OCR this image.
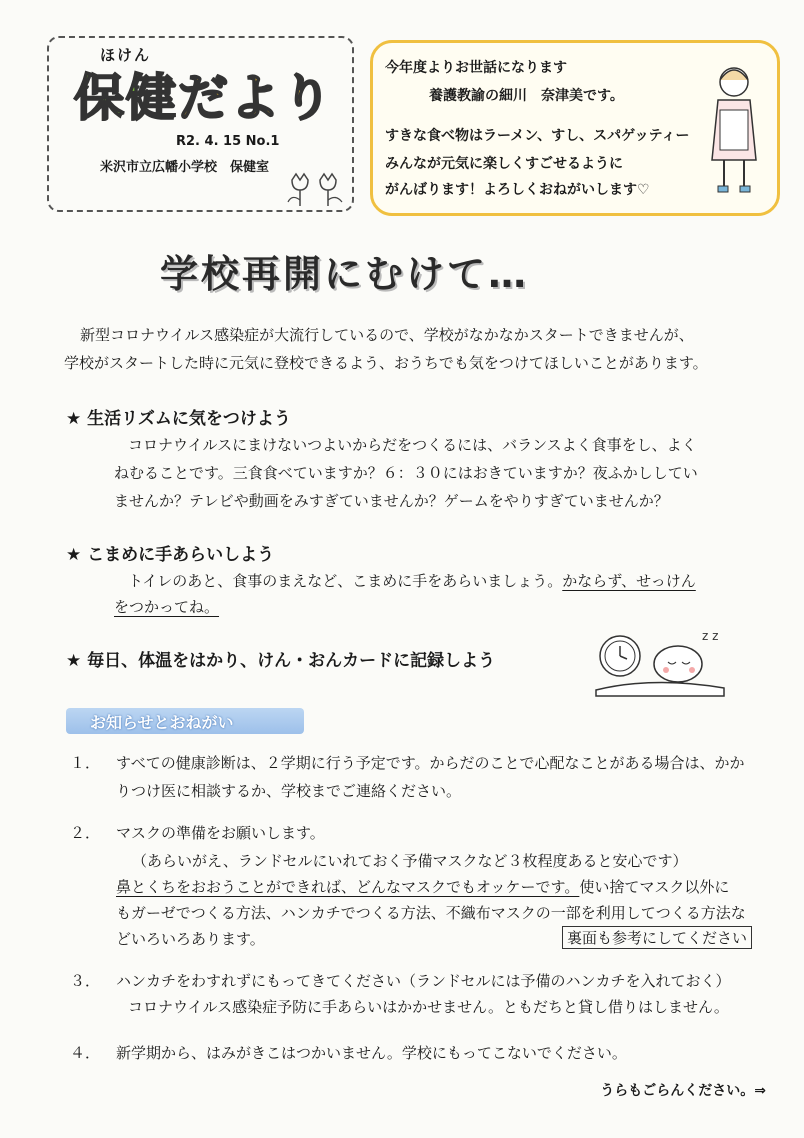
ほけん
保健だより
R2. 4. 15 No.1
米沢市立広幡小学校　保健室
今年度よりお世話になります
養護教諭の細川　奈津美です。
すきな食べ物はラーメン、すし、スパゲッティー
みんなが元気に楽しくすごせるように
がんばります！よろしくおねがいします♡
学校再開にむけて…
新型コロナウイルス感染症が大流行しているので、学校がなかなかスタートできませんが、
学校がスタートした時に元気に登校できるよう、おうちでも気をつけてほしいことがあります。
★ 生活リズムに気をつけよう
コロナウイルスにまけないつよいからだをつくるには、バランスよく食事をし、よく
ねむることです。三食食べていますか？６：３０にはおきていますか？夜ふかししてい
ませんか？テレビや動画をみすぎていませんか？ゲームをやりすぎていませんか？
★ こまめに手あらいしよう
トイレのあと、食事のまえなど、こまめに手をあらいましょう。かならず、せっけん
をつかってね。
★ 毎日、体温をはかり、けん・おんカードに記録しよう
z z
お知らせとおねがい
１． すべての健康診断は、２学期に行う予定です。からだのことで心配なことがある場合は、かか
りつけ医に相談するか、学校までご連絡ください。
２． マスクの準備をお願いします。
（あらいがえ、ランドセルにいれておく予備マスクなど３枚程度あると安心です）
鼻とくちをおおうことができれば、どんなマスクでもオッケーです。使い捨てマスク以外に
もガーゼでつくる方法、ハンカチでつくる方法、不織布マスクの一部を利用してつくる方法な
どいろいろあります。	裏面も参考にしてください
３． ハンカチをわすれずにもってきてください（ランドセルには予備のハンカチを入れておく）
コロナウイルス感染症予防に手あらいはかかせません。ともだちと貸し借りはしません。
４． 新学期から、はみがきこはつかいません。学校にもってこないでください。
うらもごらんください。⇒
